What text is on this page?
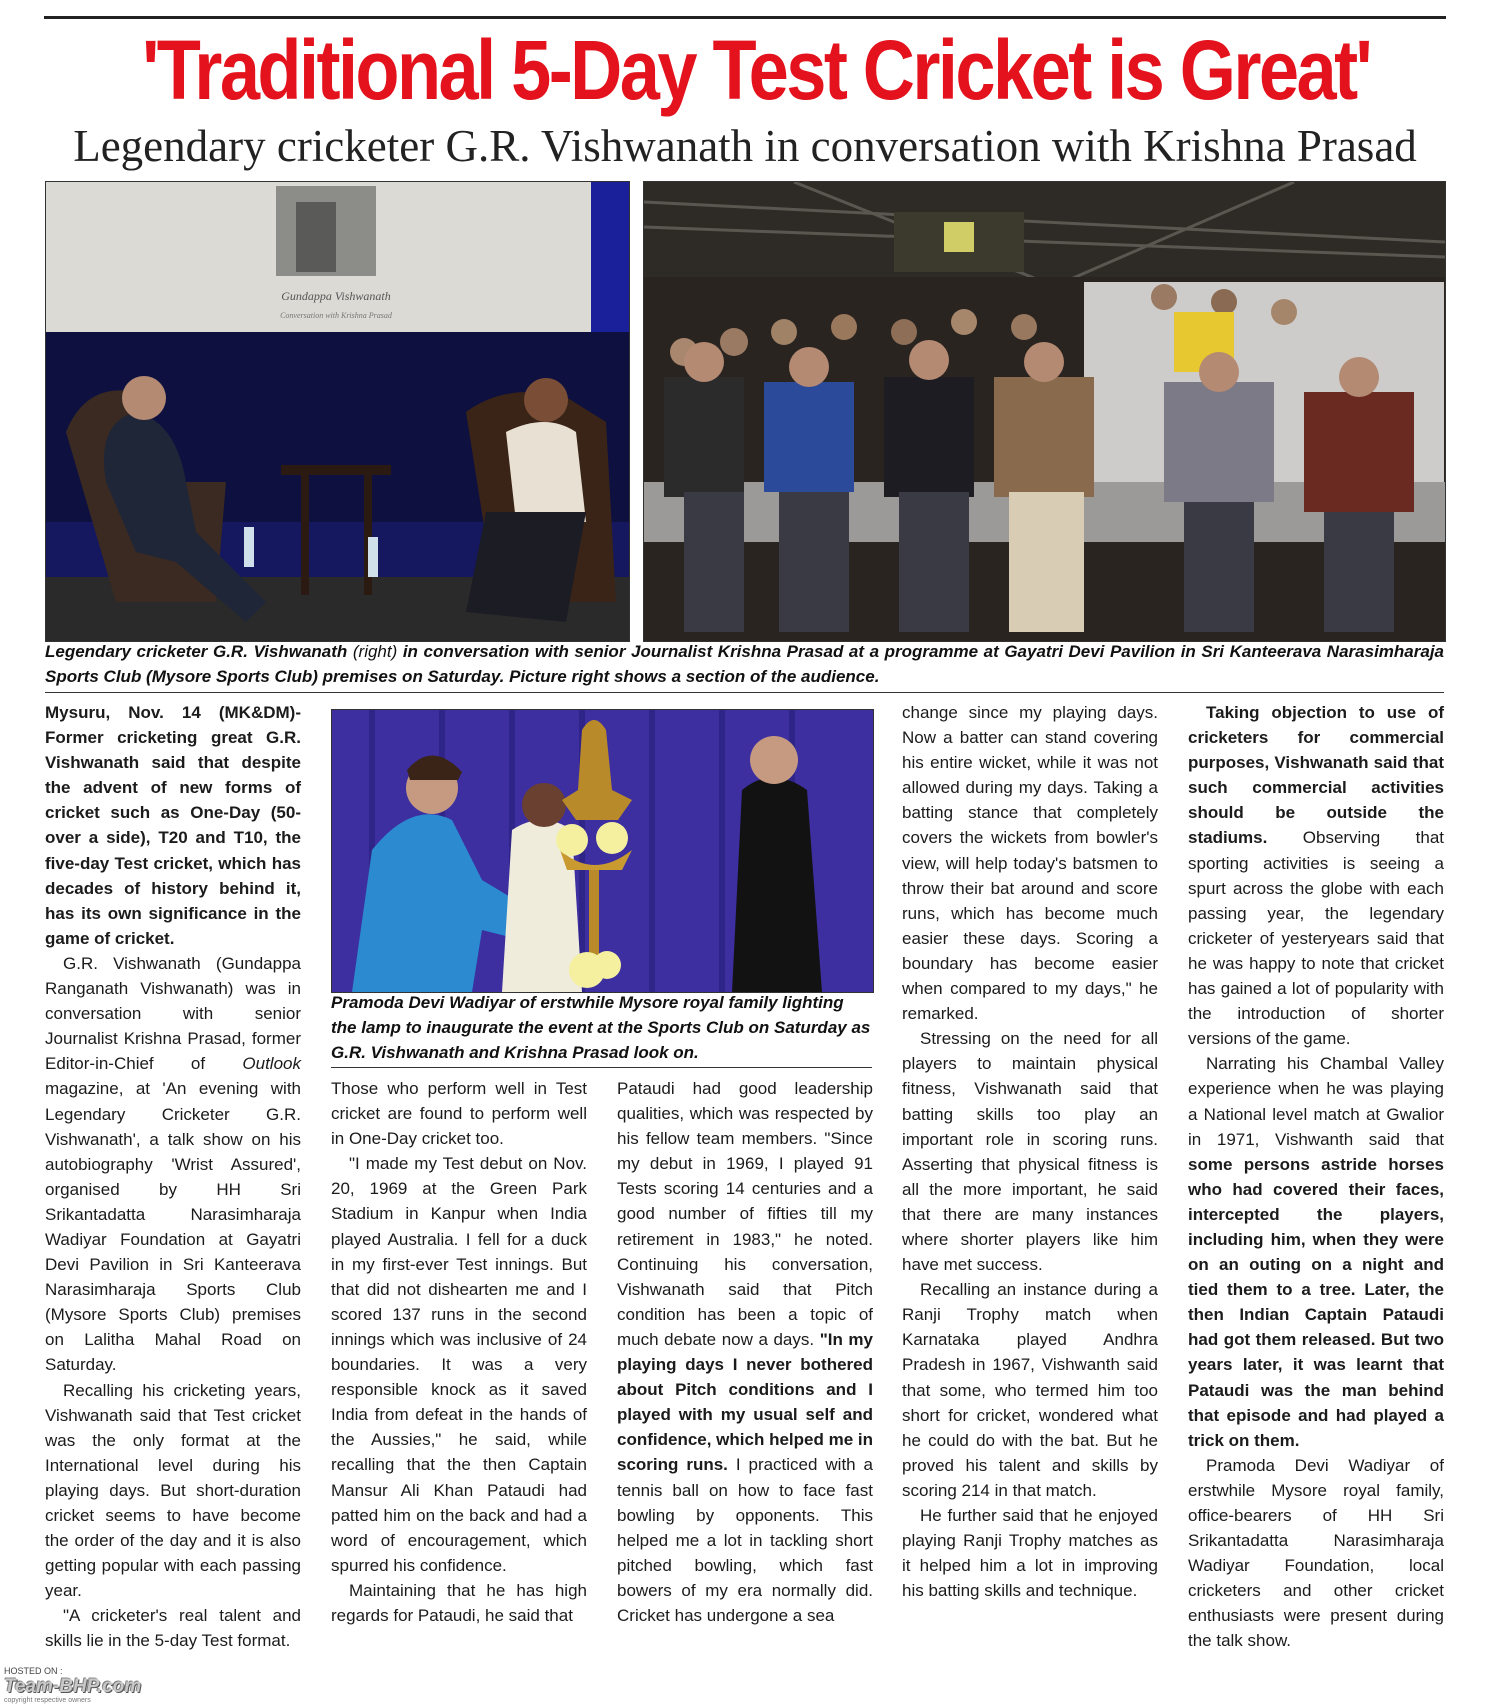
'Traditional 5-Day Test Cricket is Great'
Legendary cricketer G.R. Vishwanath in conversation with Krishna Prasad
Gundappa Vishwanath
Conversation with Krishna Prasad
Legendary cricketer G.R. Vishwanath (right) in conversation with senior Journalist Krishna Prasad at a programme at Gayatri Devi Pavilion in Sri Kanteerava Narasimharaja Sports Club (Mysore Sports Club) premises on Saturday. Picture right shows a section of the audience.

Mysuru, Nov. 14 (MK&DM)- Former cricketing great G.R. Vishwanath said that despite the advent of new forms of cricket such as One-Day (50-over a side), T20 and T10, the five-day Test cricket, which has decades of history behind it, has its own significance in the game of cricket.

G.R. Vishwanath (Gundappa Ranganath Vishwanath) was in conversation with senior Journalist Krishna Prasad, former Editor-in-Chief of Outlook magazine, at 'An evening with Legendary Cricketer G.R. Vishwanath', a talk show on his autobiography 'Wrist Assured', organised by HH Sri Srikantadatta Narasimharaja Wadiyar Foundation at Gayatri Devi Pavilion in Sri Kanteerava Narasimharaja Sports Club (Mysore Sports Club) premises on Lalitha Mahal Road on Saturday.

Recalling his cricketing years, Vishwanath said that Test cricket was the only format at the International level during his playing days. But short-duration cricket seems to have become the order of the day and it is also getting popular with each passing year.

"A cricketer's real talent and skills lie in the 5-day Test format.

Pramoda Devi Wadiyar of erstwhile Mysore royal family lighting the lamp to inaugurate the event at the Sports Club on Saturday as G.R. Vishwanath and Krishna Prasad look on.

Those who perform well in Test cricket are found to perform well in One-Day cricket too.

"I made my Test debut on Nov. 20, 1969 at the Green Park Stadium in Kanpur when India played Australia. I fell for a duck in my first-ever Test innings. But that did not dishearten me and I scored 137 runs in the second innings which was inclusive of 24 boundaries. It was a very responsible knock as it saved India from defeat in the hands of the Aussies," he said, while recalling that the then Captain Mansur Ali Khan Pataudi had patted him on the back and had a word of encouragement, which spurred his confidence.

Maintaining that he has high regards for Pataudi, he said that

Pataudi had good leadership qualities, which was respected by his fellow team members. "Since my debut in 1969, I played 91 Tests scoring 14 centuries and a good number of fifties till my retirement in 1983," he noted. Continuing his conversation, Vishwanath said that Pitch condition has been a topic of much debate now a days. "In my playing days I never bothered about Pitch conditions and I played with my usual self and confidence, which helped me in scoring runs. I practiced with a tennis ball on how to face fast bowling by opponents. This helped me a lot in tackling short pitched bowling, which fast bowers of my era normally did. Cricket has undergone a sea

change since my playing days. Now a batter can stand covering his entire wicket, while it was not allowed during my days. Taking a batting stance that completely covers the wickets from bowler's view, will help today's batsmen to throw their bat around and score runs, which has become much easier these days. Scoring a boundary has become easier when compared to my days," he remarked.

Stressing on the need for all players to maintain physical fitness, Vishwanath said that batting skills too play an important role in scoring runs. Asserting that physical fitness is all the more important, he said that there are many instances where shorter players like him have met success.

Recalling an instance during a Ranji Trophy match when Karnataka played Andhra Pradesh in 1967, Vishwanth said that some, who termed him too short for cricket, wondered what he could do with the bat. But he proved his talent and skills by scoring 214 in that match.

He further said that he enjoyed playing Ranji Trophy matches as it helped him a lot in improving his batting skills and technique.

Taking objection to use of cricketers for commercial purposes, Vishwanath said that such commercial activities should be outside the stadiums. Observing that sporting activities is seeing a spurt across the globe with each passing year, the legendary cricketer of yesteryears said that he was happy to note that cricket has gained a lot of popularity with the introduction of shorter versions of the game.

Narrating his Chambal Valley experience when he was playing a National level match at Gwalior in 1971, Vishwanth said that some persons astride horses who had covered their faces, intercepted the players, including him, when they were on an outing on a night and tied them to a tree. Later, the then Indian Captain Pataudi had got them released. But two years later, it was learnt that Pataudi was the man behind that episode and had played a trick on them.

Pramoda Devi Wadiyar of erstwhile Mysore royal family, office-bearers of HH Sri Srikantadatta Narasimharaja Wadiyar Foundation, local cricketers and other cricket enthusiasts were present during the talk show.

HOSTED ON :
Team-BHP.com
copyright respective owners
